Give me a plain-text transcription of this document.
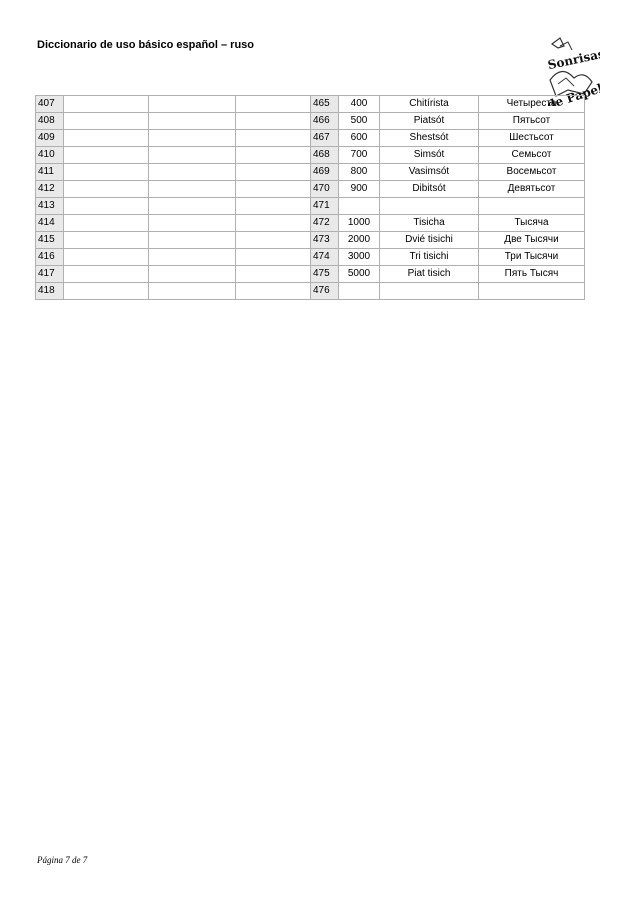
Diccionario de uso básico español – ruso
Sonrisas
de Papel
407				465	400	Chitírista	Четыреста
408				466	500	Piatsót	Пятьсот
409				467	600	Shestsót	Шестьсот
410				468	700	Simsót	Семьсот
411				469	800	Vasimsót	Восемьсот
412				470	900	Dibitsót	Девятьсот
413				471			
414				472	1000	Tisicha	Тысяча
415				473	2000	Dvié tisichi	Две Тысячи
416				474	3000	Tri tisichi	Три Тысячи
417				475	5000	Piat tisich	Пять Тысяч
418				476			
Página 7 de 7
